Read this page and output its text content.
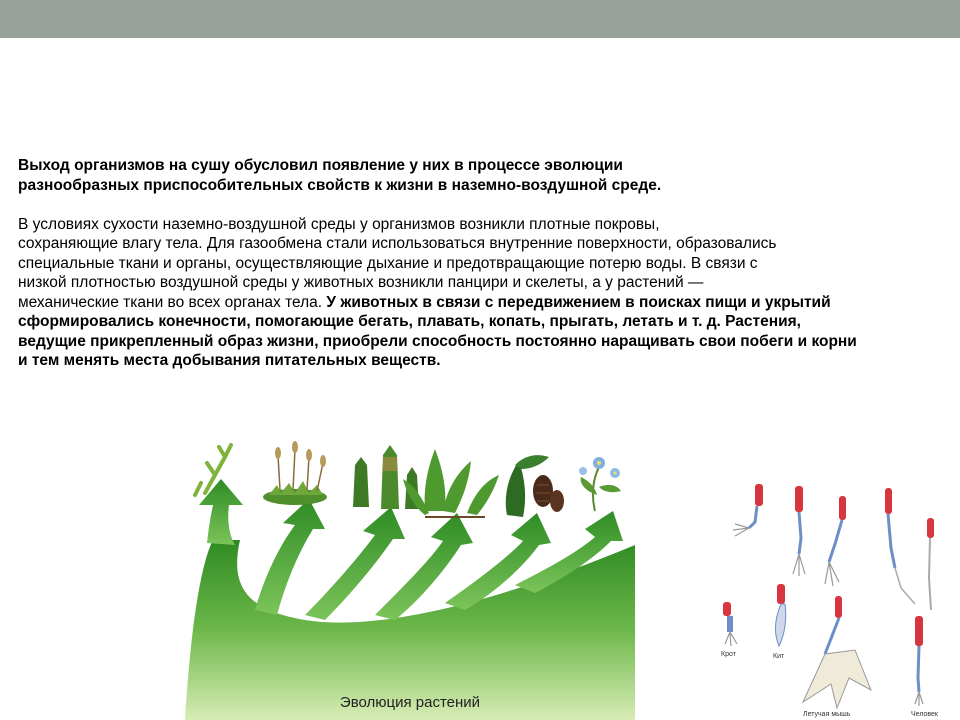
Выход организмов на сушу обусловил появление у них в процессе эволюции
разнообразных приспособительных свойств к жизни в наземно-воздушной среде.

В условиях сухости наземно-воздушной среды у организмов возникли плотные покровы,
сохраняющие влагу тела. Для газообмена стали использоваться внутренние поверхности, образовались
специальные ткани и органы, осуществляющие дыхание и предотвращающие потерю воды. В связи с
низкой плотностью воздушной среды у животных возникли панцири и скелеты, а у растений —
механические ткани во всех органах тела. У животных в связи с передвижением в поисках пищи и укрытий
сформировались конечности, помогающие бегать, плавать, копать, прыгать, летать и т. д. Растения,
ведущие прикрепленный образ жизни, приобрели способность постоянно наращивать свои побеги и корни
и тем менять места добывания питательных веществ.

Эволюция растений
Крот	Кит
Летучая мышь	Человек
